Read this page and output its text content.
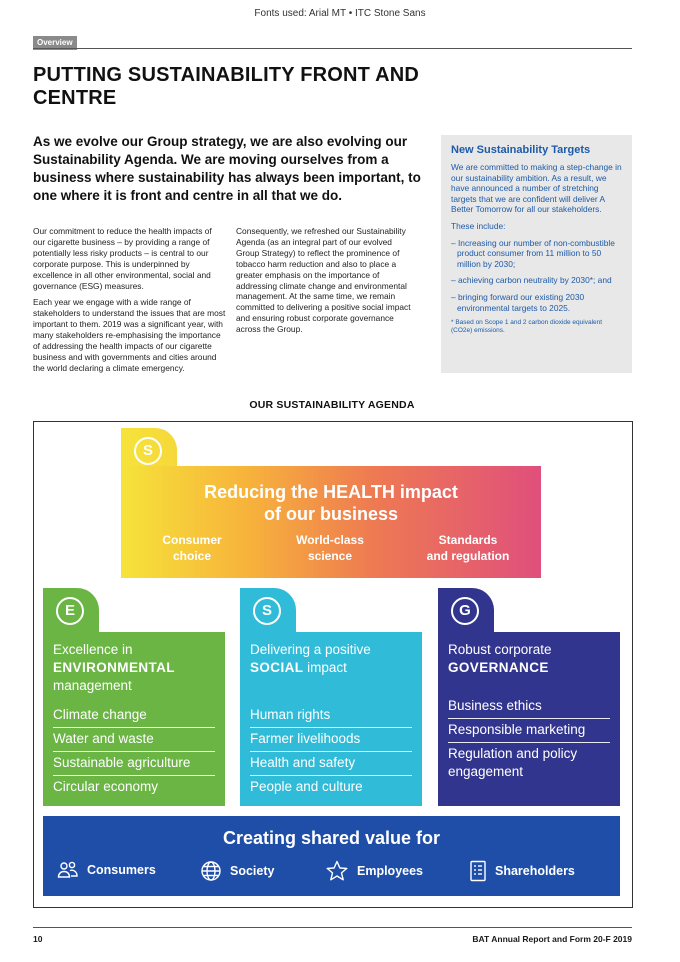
Fonts used: Arial MT • ITC Stone Sans
Overview
PUTTING SUSTAINABILITY FRONT AND CENTRE
As we evolve our Group strategy, we are also evolving our Sustainability Agenda. We are moving ourselves from a business where sustainability has always been important, to one where it is front and centre in all that we do.

Our commitment to reduce the health impacts of our cigarette business – by providing a range of potentially less risky products – is central to our corporate purpose. This is underpinned by excellence in all other environmental, social and governance (ESG) measures.

Each year we engage with a wide range of stakeholders to understand the issues that are most important to them. 2019 was a significant year, with many stakeholders re-emphasising the importance of addressing the health impacts of our cigarette business and with governments and cities around the world declaring a climate emergency.

Consequently, we refreshed our Sustainability Agenda (as an integral part of our evolved Group Strategy) to reflect the prominence of tobacco harm reduction and also to place a greater emphasis on the importance of addressing climate change and environmental management. At the same time, we remain committed to delivering a positive social impact and ensuring robust corporate governance across the Group.

New Sustainability Targets

We are committed to making a step-change in our sustainability ambition. As a result, we have announced a number of stretching targets that we are confident will deliver A Better Tomorrow for all our stakeholders.

These include:

– Increasing our number of non-combustible product consumer from 11 million to 50 million by 2030;
– achieving carbon neutrality by 2030*; and
– bringing forward our existing 2030 environmental targets to 2025.

* Based on Scope 1 and 2 carbon dioxide equivalent (CO2e) emissions.

OUR SUSTAINABILITY AGENDA
S
Reducing the HEALTH impact
of our business
Consumer
choice
World-class
science
Standards
and regulation
E
Excellence in
ENVIRONMENTAL
management
Climate change
Water and waste
Sustainable agriculture
Circular economy
S
Delivering a positive
SOCIAL impact
Human rights
Farmer livelihoods
Health and safety
People and culture
G
Robust corporate
GOVERNANCE
Business ethics
Responsible marketing
Regulation and policy engagement
Creating shared value for
Consumers	Society	Employees	Shareholders
10	BAT Annual Report and Form 20-F 2019
